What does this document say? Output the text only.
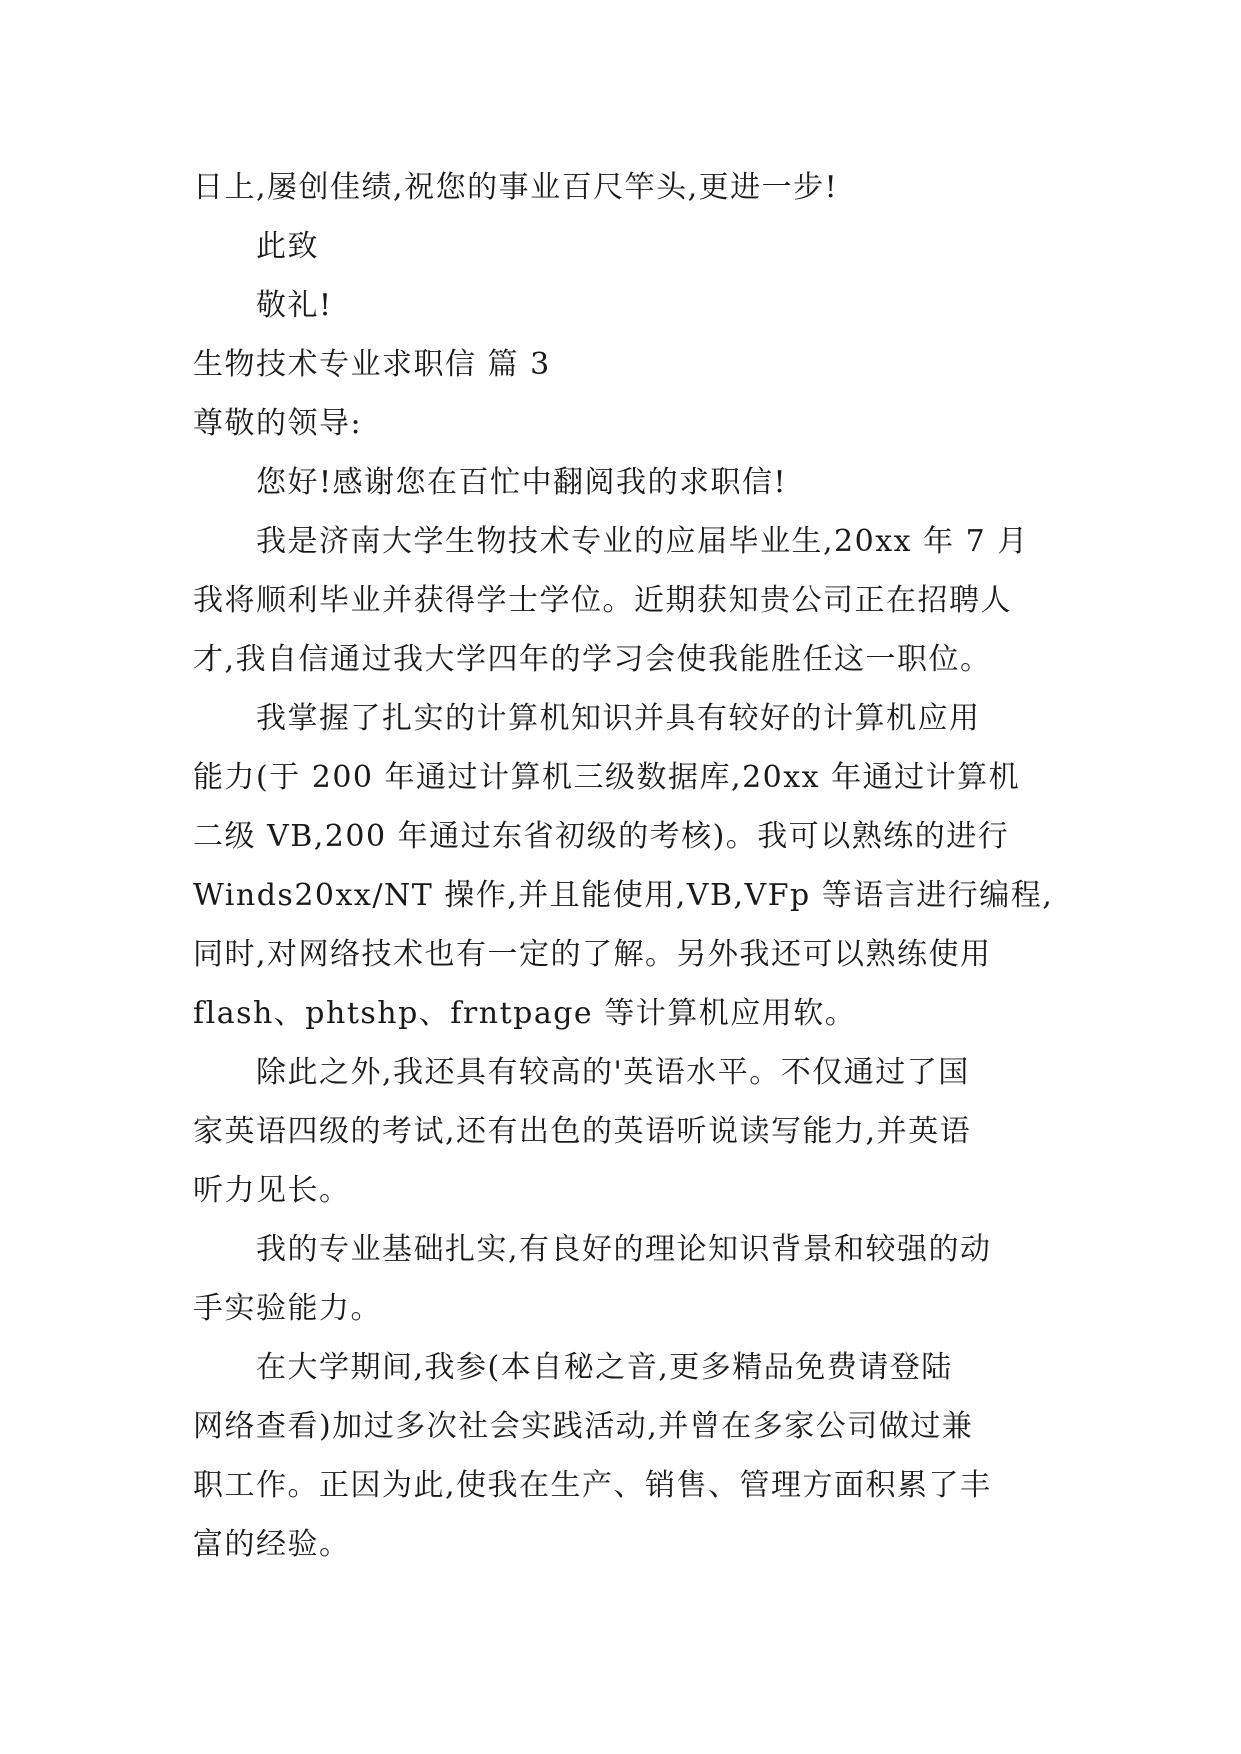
日上,屡创佳绩,祝您的事业百尺竿头,更进一步!
此致
敬礼!
生物技术专业求职信 篇 3
尊敬的领导:
您好!感谢您在百忙中翻阅我的求职信!
我是济南大学生物技术专业的应届毕业生,20xx 年 7 月
我将顺利毕业并获得学士学位。近期获知贵公司正在招聘人
才,我自信通过我大学四年的学习会使我能胜任这一职位。
我掌握了扎实的计算机知识并具有较好的计算机应用
能力(于 200 年通过计算机三级数据库,20xx 年通过计算机
二级 VB,200 年通过东省初级的考核)。我可以熟练的进行
Winds20xx/NT 操作,并且能使用,VB,VFp 等语言进行编程,
同时,对网络技术也有一定的了解。另外我还可以熟练使用
flash、phtshp、frntpage 等计算机应用软。
除此之外,我还具有较高的'英语水平。不仅通过了国
家英语四级的考试,还有出色的英语听说读写能力,并英语
听力见长。
我的专业基础扎实,有良好的理论知识背景和较强的动
手实验能力。
在大学期间,我参(本自秘之音,更多精品免费请登陆
网络查看)加过多次社会实践活动,并曾在多家公司做过兼
职工作。正因为此,使我在生产、销售、管理方面积累了丰
富的经验。
